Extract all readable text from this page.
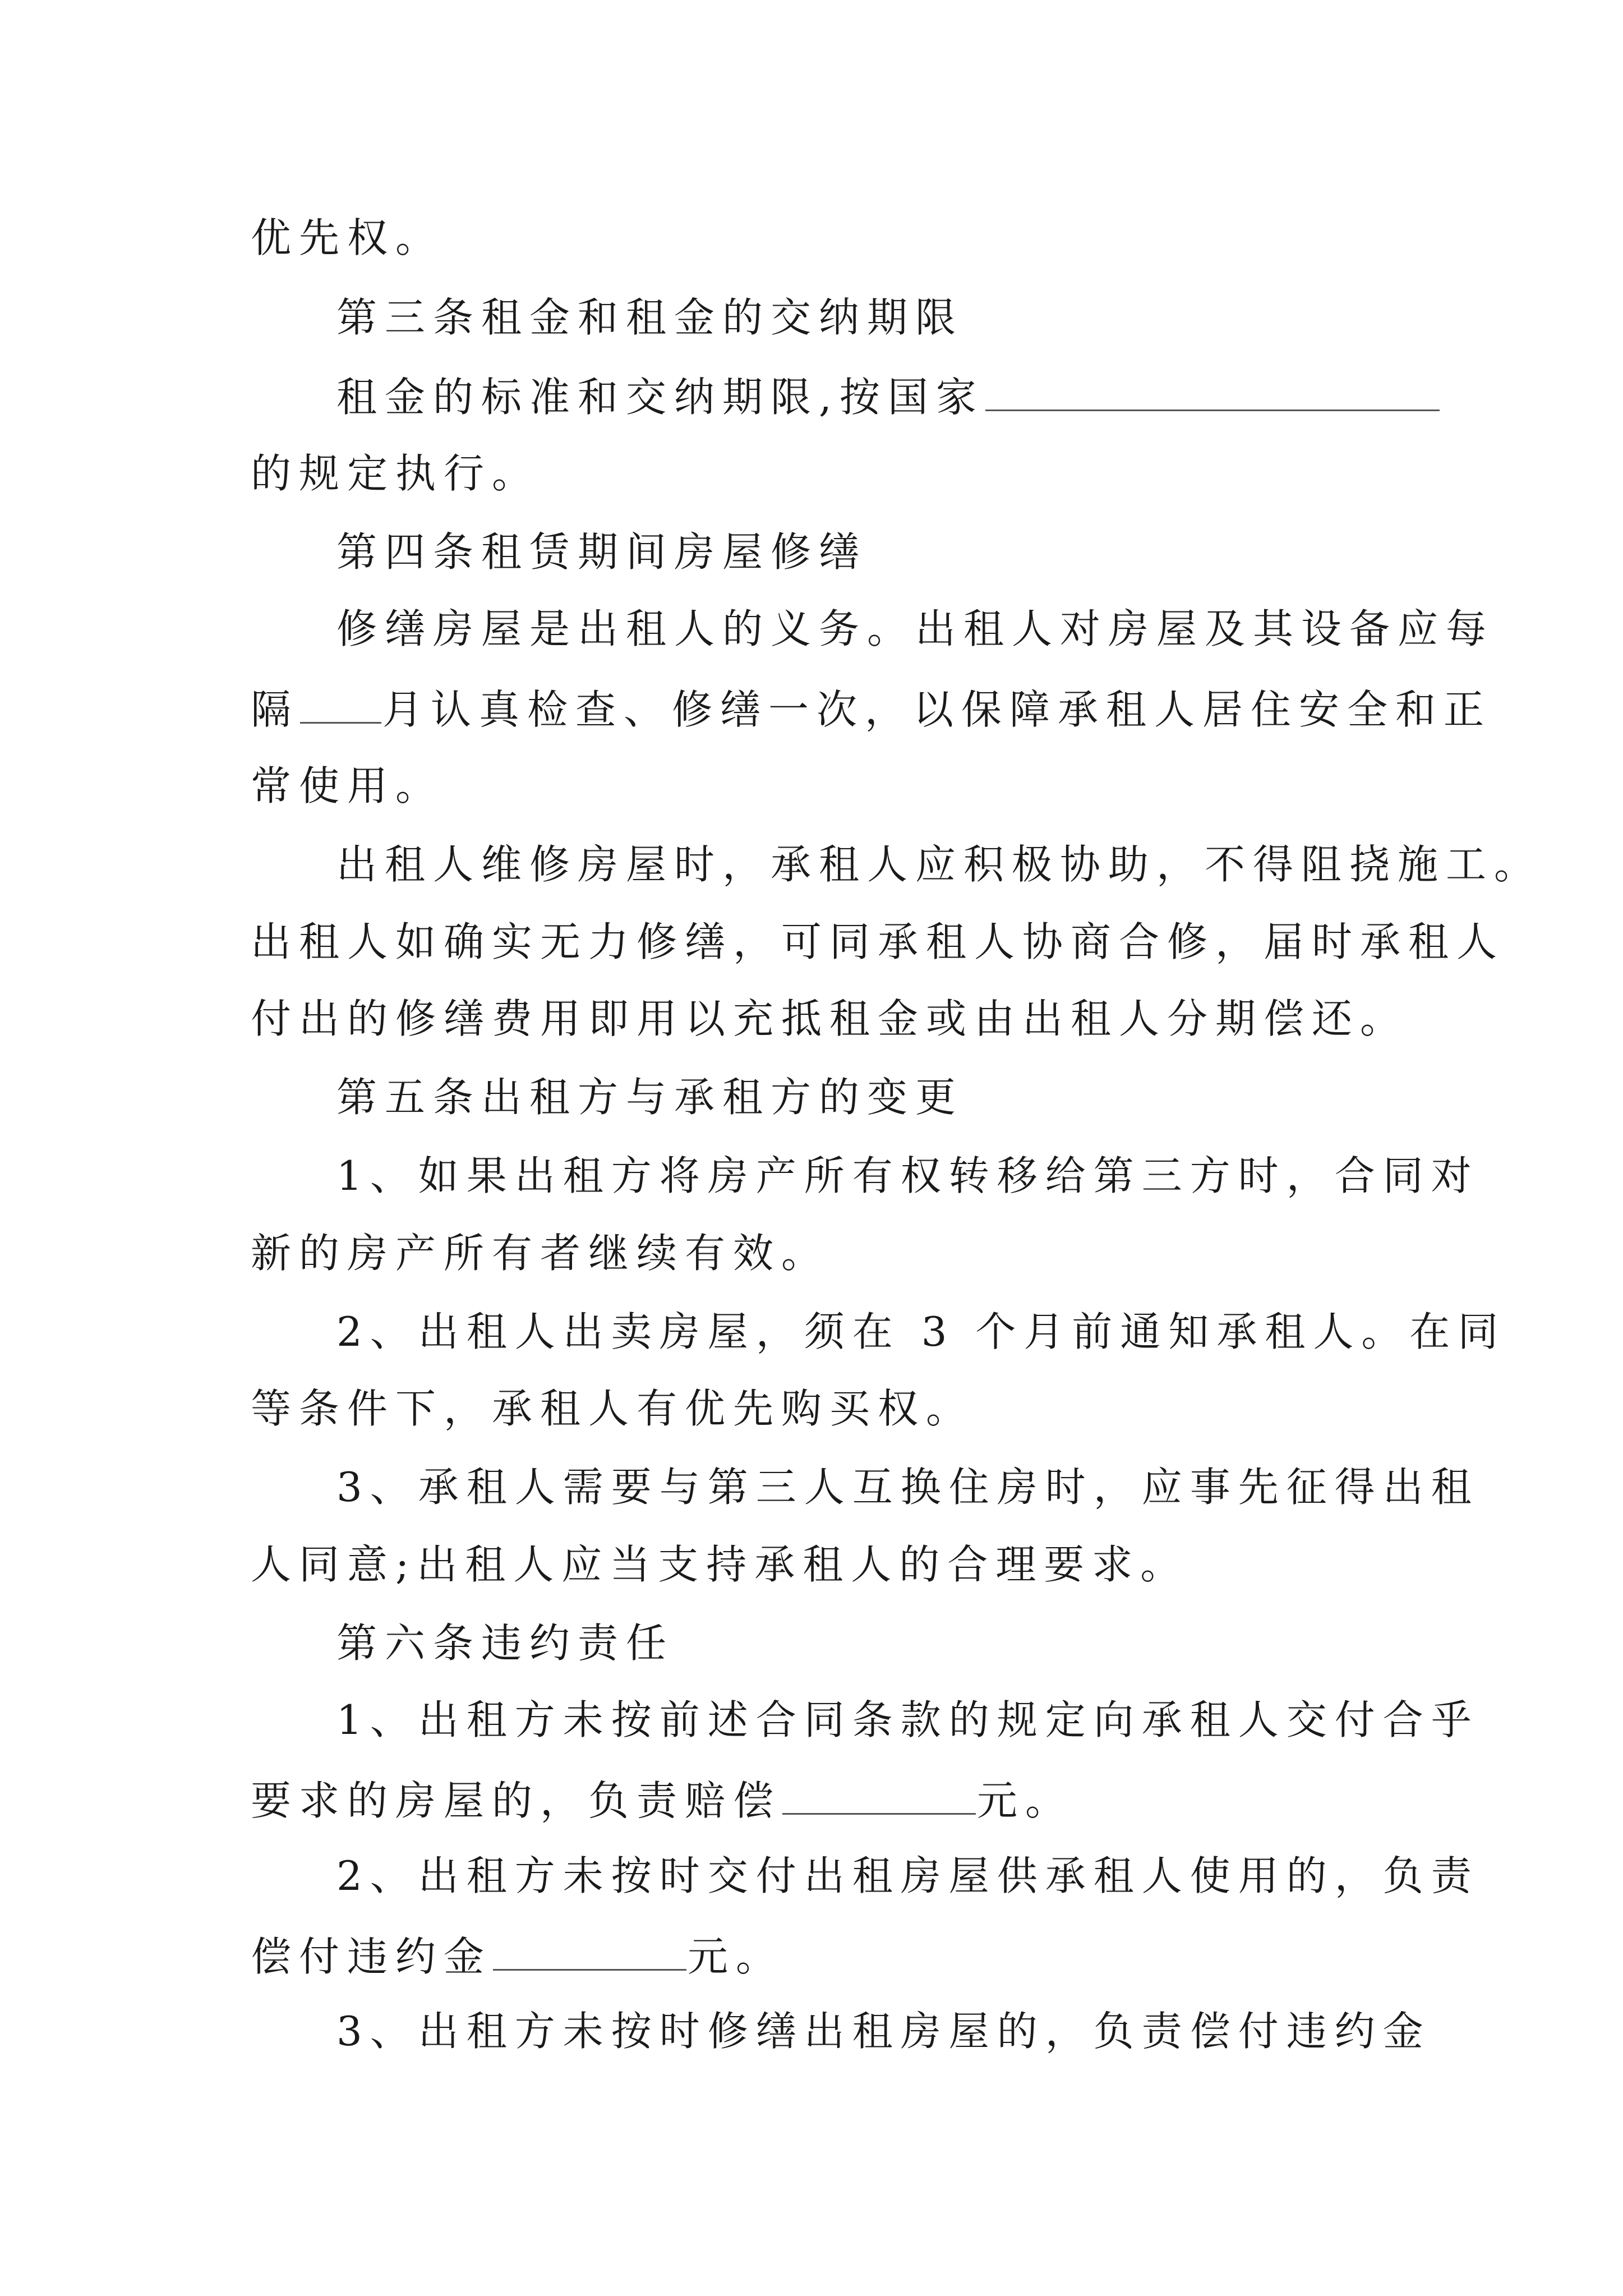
优先权。
第三条租金和租金的交纳期限
租金的标准和交纳期限,按国家
的规定执行。
第四条租赁期间房屋修缮
修缮房屋是出租人的义务。出租人对房屋及其设备应每
隔 月认真检查、修缮一次，以保障承租人居住安全和正
常使用。
出租人维修房屋时，承租人应积极协助，不得阻挠施工。
出租人如确实无力修缮，可同承租人协商合修，届时承租人
付出的修缮费用即用以充抵租金或由出租人分期偿还。
第五条出租方与承租方的变更
1、如果出租方将房产所有权转移给第三方时，合同对
新的房产所有者继续有效。
2、出租人出卖房屋，须在 3 个月前通知承租人。在同
等条件下，承租人有优先购买权。
3、承租人需要与第三人互换住房时，应事先征得出租
人同意;出租人应当支持承租人的合理要求。
第六条违约责任
1、出租方未按前述合同条款的规定向承租人交付合乎
要求的房屋的，负责赔偿	元。
2、出租方未按时交付出租房屋供承租人使用的，负责
偿付违约金	元。
3、出租方未按时修缮出租房屋的，负责偿付违约金
